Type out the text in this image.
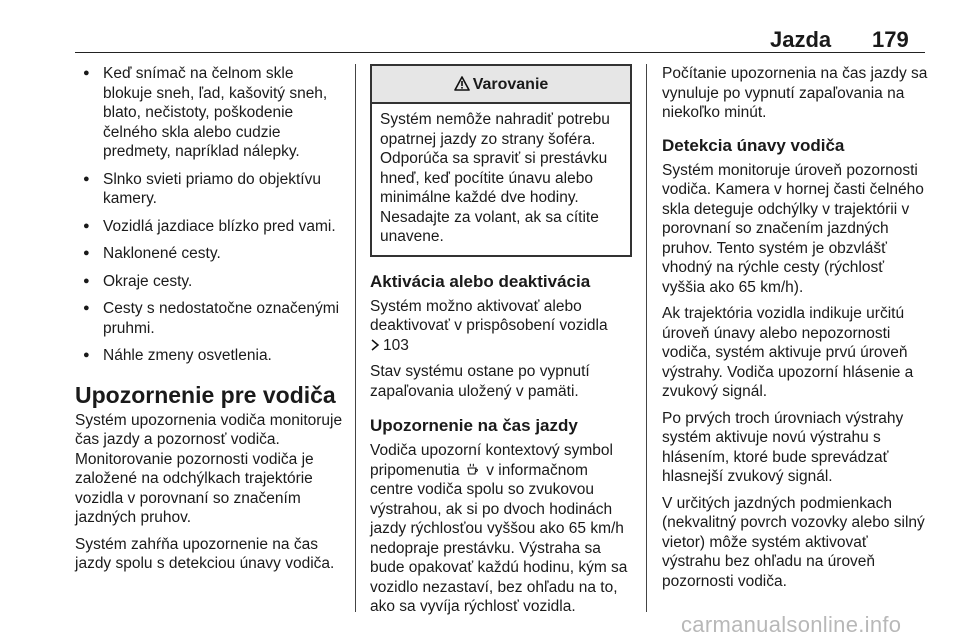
Jazda 179
● Keď snímač na čelnom skle blokuje sneh, ľad, kašovitý sneh, blato, nečistoty, poškodenie čelného skla alebo cudzie predmety, napríklad nálepky.
● Slnko svieti priamo do objektívu kamery.
● Vozidlá jazdiace blízko pred vami.
● Naklonené cesty.
● Okraje cesty.
● Cesty s nedostatočne označenými pruhmi.
● Náhle zmeny osvetlenia.
Upozornenie pre vodiča

Systém upozornenia vodiča monitoruje čas jazdy a pozornosť vodiča. Monitorovanie pozornosti vodiča je založené na odchýlkach trajektórie vozidla v porovnaní so značením jazdných pruhov.

Systém zahŕňa upozornenie na čas jazdy spolu s detekciou únavy vodiča.

Varovanie
Systém nemôže nahradiť potrebu opatrnej jazdy zo strany šoféra. Odporúča sa spraviť si prestávku hneď, keď pocítite únavu alebo minimálne každé dve hodiny. Nesadajte za volant, ak sa cítite unavene.
Aktivácia alebo deaktivácia

Systém možno aktivovať alebo deaktivovať v prispôsobení vozidla
103

Stav systému ostane po vypnutí zapaľovania uložený v pamäti.

Upozornenie na čas jazdy

Vodiča upozorní kontextový symbol pripomenutia v informačnom centre vodiča spolu so zvukovou výstrahou, ak si po dvoch hodinách jazdy rýchlosťou vyššou ako 65 km/h nedopraje prestávku. Výstraha sa bude opakovať každú hodinu, kým sa vozidlo nezastaví, bez ohľadu na to, ako sa vyvíja rýchlosť vozidla.

Počítanie upozornenia na čas jazdy sa vynuluje po vypnutí zapaľovania na niekoľko minút.

Detekcia únavy vodiča

Systém monitoruje úroveň pozornosti vodiča. Kamera v hornej časti čelného skla deteguje odchýlky v trajektórii v porovnaní so značením jazdných pruhov. Tento systém je obzvlášť vhodný na rýchle cesty (rýchlosť vyššia ako 65 km/h).

Ak trajektória vozidla indikuje určitú úroveň únavy alebo nepozornosti vodiča, systém aktivuje prvú úroveň výstrahy. Vodiča upozorní hlásenie a zvukový signál.

Po prvých troch úrovniach výstrahy systém aktivuje novú výstrahu s hlásením, ktoré bude sprevádzať hlasnejší zvukový signál.

V určitých jazdných podmienkach (nekvalitný povrch vozovky alebo silný vietor) môže systém aktivovať výstrahu bez ohľadu na úroveň pozornosti vodiča.

carmanualsonline.info
